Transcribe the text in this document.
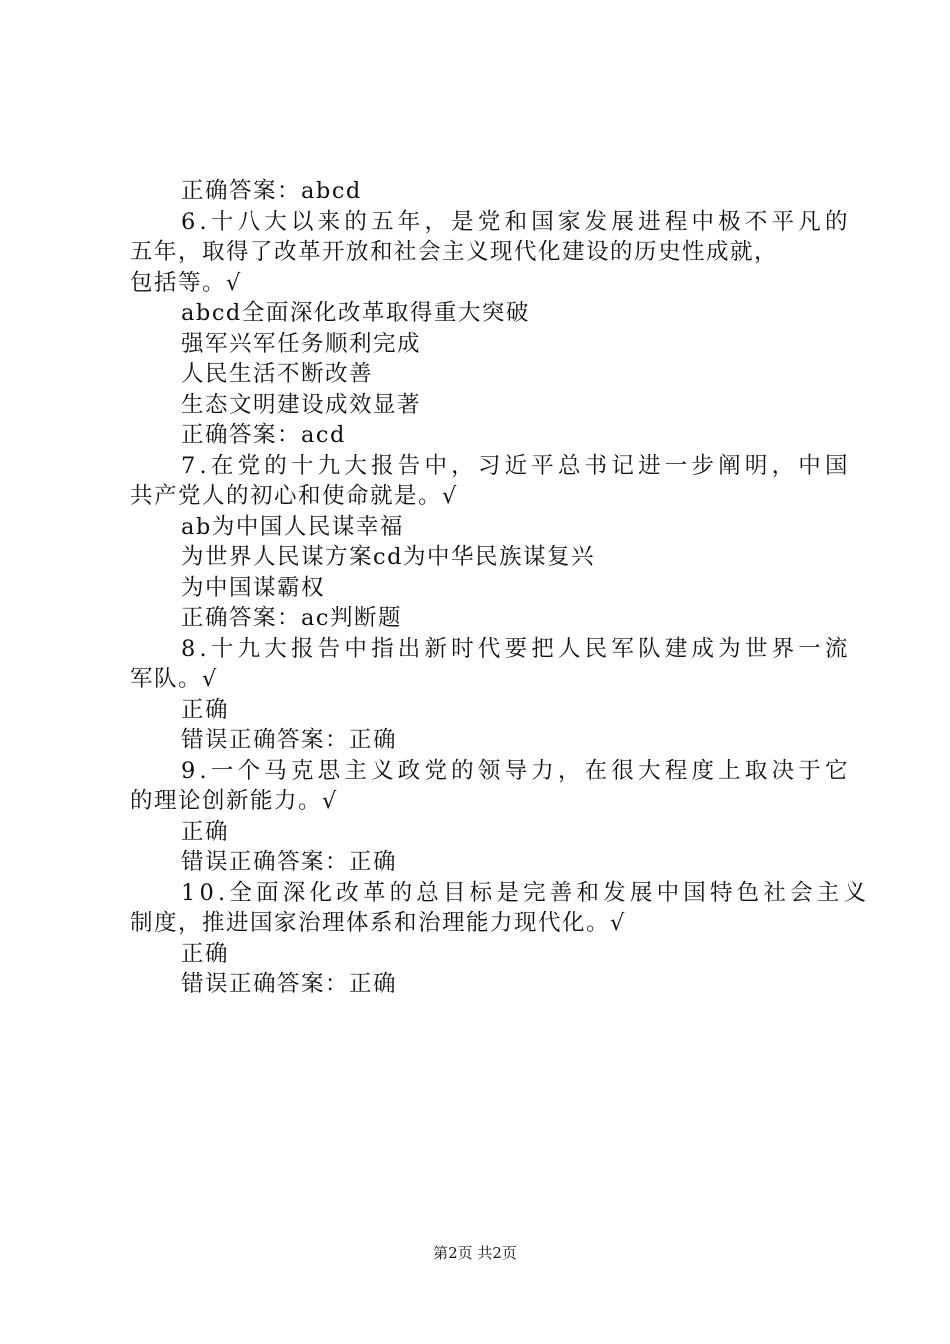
正确答案：abcd
6.十八大以来的五年，是党和国家发展进程中极不平凡的
五年，取得了改革开放和社会主义现代化建设的历史性成就，
包括等。√
abcd全面深化改革取得重大突破
强军兴军任务顺利完成
人民生活不断改善
生态文明建设成效显著
正确答案：acd
7.在党的十九大报告中，习近平总书记进一步阐明，中国
共产党人的初心和使命就是。√
ab为中国人民谋幸福
为世界人民谋方案cd为中华民族谋复兴
为中国谋霸权
正确答案：ac判断题
8.十九大报告中指出新时代要把人民军队建成为世界一流
军队。√
正确
错误正确答案：正确
9.一个马克思主义政党的领导力，在很大程度上取决于它
的理论创新能力。√
正确
错误正确答案：正确
10.全面深化改革的总目标是完善和发展中国特色社会主义
制度，推进国家治理体系和治理能力现代化。√
正确
错误正确答案：正确
第2页 共2页
